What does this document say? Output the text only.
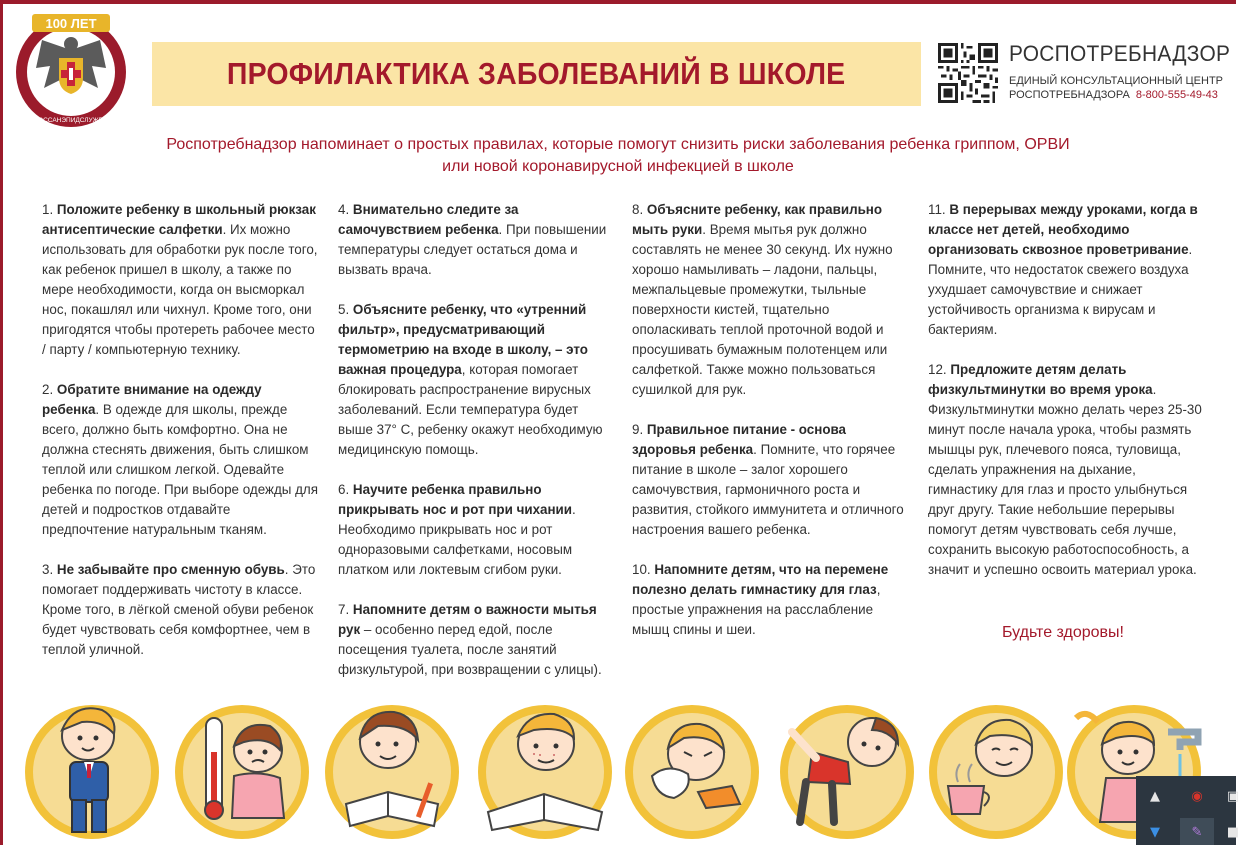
100 ЛЕТ
ГОССАНЭПИДСЛУЖБА
ПРОФИЛАКТИКА ЗАБОЛЕВАНИЙ В ШКОЛЕ
РОСПОТРЕБНАДЗОР
ЕДИНЫЙ КОНСУЛЬТАЦИОННЫЙ ЦЕНТР
РОСПОТРЕБНАДЗОРА 8-800-555-49-43
Роспотребнадзор напоминает о простых правилах, которые помогут снизить риски заболевания ребенка гриппом, ОРВИ
или новой коронавирусной инфекцией в школе

1. Положите ребенку в школьный рюкзак антисептические салфетки. Их можно использовать для обработки рук после того, как ребенок пришел в школу, а также по мере необходимости, когда он высморкал нос, покашлял или чихнул. Кроме того, они пригодятся чтобы протереть рабочее место / парту / компьютерную технику.

2. Обратите внимание на одежду ребенка. В одежде для школы, прежде всего, должно быть комфортно. Она не должна стеснять движения, быть слишком теплой или слишком легкой. Одевайте ребенка по погоде. При выборе одежды для детей и подростков отдавайте предпочтение натуральным тканям.

3. Не забывайте про сменную обувь. Это помогает поддерживать чистоту в классе. Кроме того, в лёгкой сменой обуви ребенок будет чувствовать себя комфортнее, чем в теплой уличной.

4. Внимательно следите за самочувствием ребенка. При повышении температуры следует остаться дома и вызвать врача.

5. Объясните ребенку, что «утренний фильтр», предусматривающий термометрию на входе в школу, – это важная процедура, которая помогает блокировать распространение вирусных заболеваний. Если температура будет выше 37° С, ребенку окажут необходимую медицинскую помощь.

6. Научите ребенка правильно прикрывать нос и рот при чихании. Необходимо прикрывать нос и рот одноразовыми салфетками, носовым платком или локтевым сгибом руки.

7. Напомните детям о важности мытья рук – особенно перед едой, после посещения туалета, после занятий физкультурой, при возвращении с улицы).

8. Объясните ребенку, как правильно мыть руки. Время мытья рук должно составлять не менее 30 секунд. Их нужно хорошо намыливать – ладони, пальцы, межпальцевые промежутки, тыльные поверхности кистей, тщательно ополаскивать теплой проточной водой и просушивать бумажным полотенцем или салфеткой. Также можно пользоваться сушилкой для рук.

9. Правильное питание - основа здоровья ребенка. Помните, что горячее питание в школе – залог хорошего самочувствия, гармоничного роста и развития, стойкого иммунитета и отличного настроения вашего ребенка.

10. Напомните детям, что на перемене полезно делать гимнастику для глаз, простые упражнения на расслабление мышц спины и шеи.

11. В перерывах между уроками, когда в классе нет детей, необходимо организовать сквозное проветривание. Помните, что недостаток свежего воздуха ухудшает самочувствие и снижает устойчивость организма к вирусам и бактериям.

12. Предложите детям делать физкультминутки во время урока. Физкультминутки можно делать через 25-30 минут после начала урока, чтобы размять мышцы рук, плечевого пояса, туловища, сделать упражнения на дыхание, гимнастику для глаз и просто улыбнуться друг другу. Такие небольшие перерывы помогут детям чувствовать себя лучше, сохранить высокую работоспособность, а значит и успешно освоить материал урока.

Будьте здоровы!
▲	◉ ▣
▼	✎ ■
